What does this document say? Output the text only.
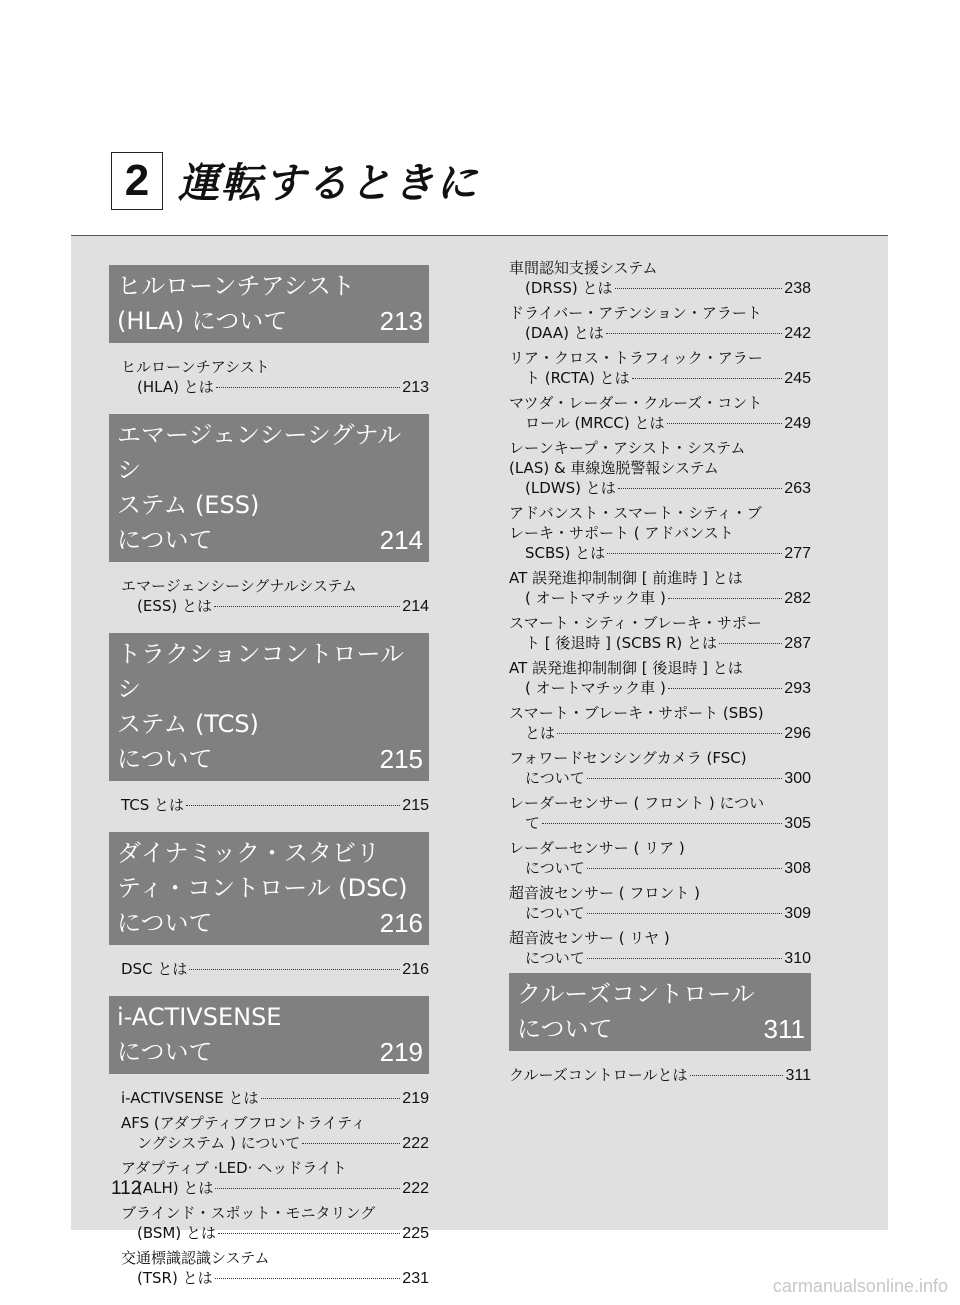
2 運転するときに
ヒルローンチアシスト
(HLA) について	213
ヒルローンチアシスト
(HLA) とは	213
エマージェンシーシグナルシ
ステム (ESS)
について	214
エマージェンシーシグナルシステム
(ESS) とは	214
トラクションコントロールシ
ステム (TCS)
について	215
TCS とは	215
ダイナミック・スタビリ
ティ・コントロール (DSC)
について	216
DSC とは	216
i-ACTIVSENSE
について	219
i-ACTIVSENSE とは	219
AFS (アダプティブフロントライティ
ングシステム ) について	222
アダプティブ ·LED· ヘッドライト
(ALH) とは	222
ブラインド・スポット・モニタリング
(BSM) とは	225
交通標識認識システム
(TSR) とは	231
車間認知支援システム
(DRSS) とは	238
ドライバー・アテンション・アラート
(DAA) とは	242
リア・クロス・トラフィック・アラー
ト (RCTA) とは	245
マツダ・レーダー・クルーズ・コント
ロール (MRCC) とは	249
レーンキープ・アシスト・システム
(LAS) & 車線逸脱警報システム
(LDWS) とは	263
アドバンスト・スマート・シティ・ブ
レーキ・サポート ( アドバンスト
SCBS) とは	277
AT 誤発進抑制制御 [ 前進時 ] とは
( オートマチック車 )	282
スマート・シティ・ブレーキ・サポー
ト [ 後退時 ] (SCBS R) とは	287
AT 誤発進抑制制御 [ 後退時 ] とは
( オートマチック車 )	293
スマート・ブレーキ・サポート (SBS)
とは	296
フォワードセンシングカメラ (FSC)
について	300
レーダーセンサー ( フロント ) につい
て	305
レーダーセンサー ( リア )
について	308
超音波センサー ( フロント )
について	309
超音波センサー ( リヤ )
について	310
クルーズコントロール
について	311
クルーズコントロールとは	311
112
carmanualsonline.info
